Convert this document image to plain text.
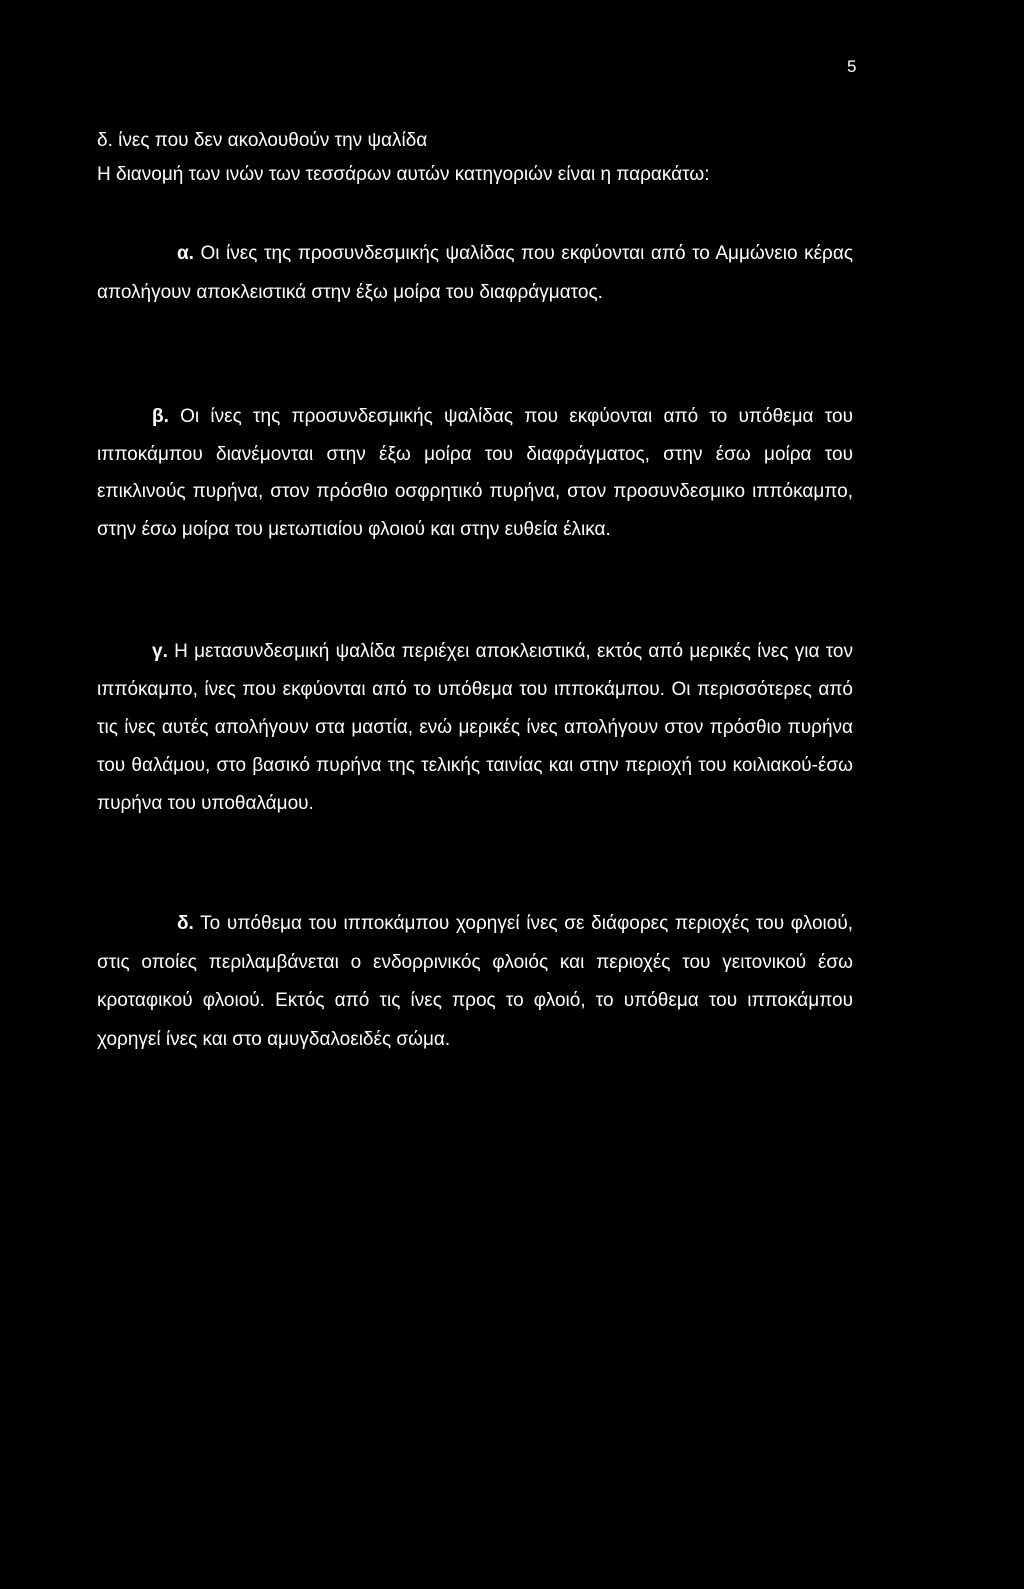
5
δ. ίνες που δεν ακολουθούν την ψαλίδα
Η διανομή των ινών των τεσσάρων αυτών κατηγοριών είναι η παρακάτω:

α. Οι ίνες της προσυνδεσμικής ψαλίδας που εκφύονται από το Αμμώνειο κέρας απολήγουν αποκλειστικά στην έξω μοίρα του διαφράγματος.

β. Οι ίνες της προσυνδεσμικής ψαλίδας που εκφύονται από το υπόθεμα του ιπποκάμπου διανέμονται στην έξω μοίρα του διαφράγματος, στην έσω μοίρα του επικλινούς πυρήνα, στον πρόσθιο οσφρητικό πυρήνα, στον προσυνδεσμικο ιππόκαμπο, στην έσω μοίρα του μετωπιαίου φλοιού και στην ευθεία έλικα.

γ. Η μετασυνδεσμική ψαλίδα περιέχει αποκλειστικά, εκτός από μερικές ίνες για τον ιππόκαμπο, ίνες που εκφύονται από το υπόθεμα του ιπποκάμπου. Οι περισσότερες από τις ίνες αυτές απολήγουν στα μαστία, ενώ μερικές ίνες απολήγουν στον πρόσθιο πυρήνα του θαλάμου, στο βασικό πυρήνα της τελικής ταινίας και στην περιοχή του κοιλιακού-έσω πυρήνα του υποθαλάμου.

δ. Το υπόθεμα του ιπποκάμπου χορηγεί ίνες σε διάφορες περιοχές του φλοιού, στις οποίες περιλαμβάνεται ο ενδορρινικός φλοιός και περιοχές του γειτονικού έσω κροταφικού φλοιού. Εκτός από τις ίνες προς το φλοιό, το υπόθεμα του ιπποκάμπου χορηγεί ίνες και στο αμυγδαλοειδές σώμα.
